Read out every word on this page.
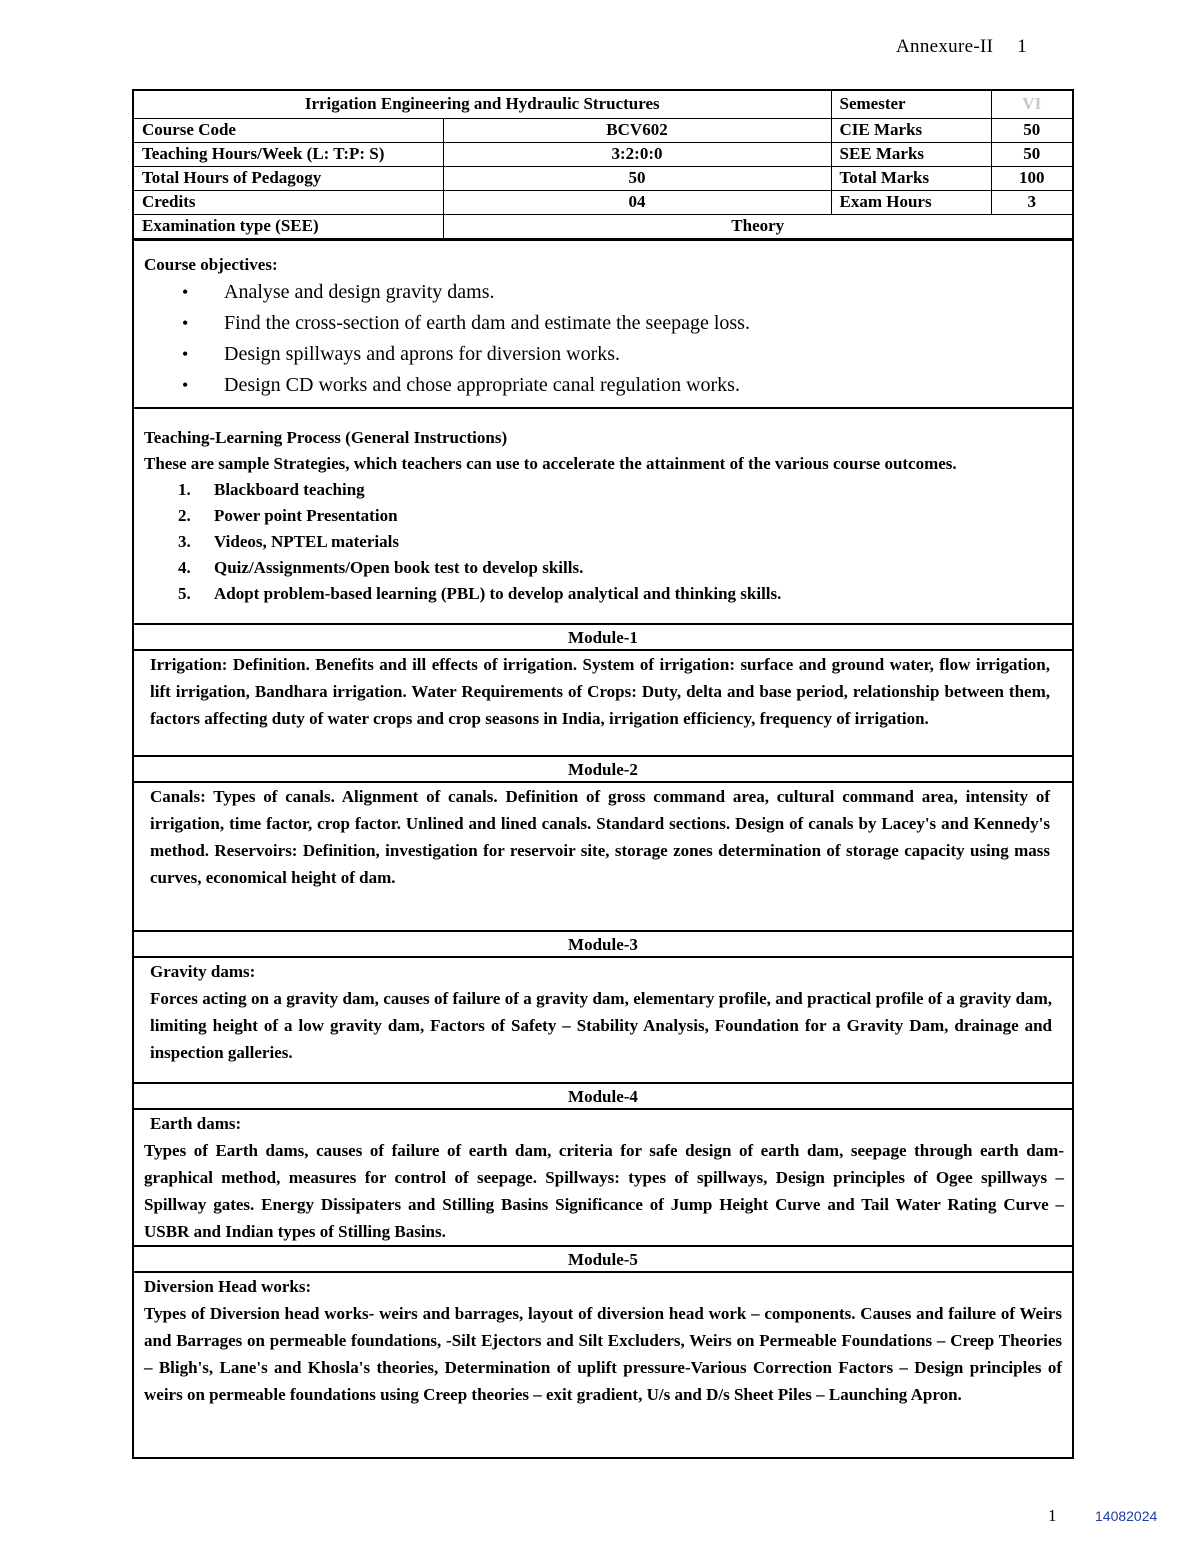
Annexure-II 1
Irrigation Engineering and Hydraulic Structures		Semester	VI
Course Code	BCV602	CIE Marks	50
Teaching Hours/Week (L: T:P: S)	3:2:0:0	SEE Marks	50
Total Hours of Pedagogy	50	Total Marks	100
Credits	04	Exam Hours	3
Examination type (SEE)	Theory		
Course objectives:
• Analyse and design gravity dams.
• Find the cross-section of earth dam and estimate the seepage loss.
• Design spillways and aprons for diversion works.
• Design CD works and chose appropriate canal regulation works.
Teaching-Learning Process (General Instructions)
These are sample Strategies, which teachers can use to accelerate the attainment of the various course outcomes.
1. Blackboard teaching
2. Power point Presentation
3. Videos, NPTEL materials
4. Quiz/Assignments/Open book test to develop skills.
5. Adopt problem-based learning (PBL) to develop analytical and thinking skills.
Module-1
Irrigation: Definition. Benefits and ill effects of irrigation. System of irrigation: surface and ground water, flow irrigation, lift irrigation, Bandhara irrigation. Water Requirements of Crops: Duty, delta and base period, relationship between them, factors affecting duty of water crops and crop seasons in India, irrigation efficiency, frequency of irrigation.
Module-2
Canals: Types of canals. Alignment of canals. Definition of gross command area, cultural command area, intensity of irrigation, time factor, crop factor. Unlined and lined canals. Standard sections. Design of canals by Lacey's and Kennedy's method. Reservoirs: Definition, investigation for reservoir site, storage zones determination of storage capacity using mass curves, economical height of dam.
Module-3
Gravity dams:
Forces acting on a gravity dam, causes of failure of a gravity dam, elementary profile, and practical profile of a gravity dam, limiting height of a low gravity dam, Factors of Safety – Stability Analysis, Foundation for a Gravity Dam, drainage and inspection galleries.
Module-4
Earth dams:
Types of Earth dams, causes of failure of earth dam, criteria for safe design of earth dam, seepage through earth dam-graphical method, measures for control of seepage. Spillways: types of spillways, Design principles of Ogee spillways – Spillway gates. Energy Dissipaters and Stilling Basins Significance of Jump Height Curve and Tail Water Rating Curve – USBR and Indian types of Stilling Basins.
Module-5
Diversion Head works:
Types of Diversion head works- weirs and barrages, layout of diversion head work – components. Causes and failure of Weirs and Barrages on permeable foundations, -Silt Ejectors and Silt Excluders, Weirs on Permeable Foundations – Creep Theories – Bligh's, Lane's and Khosla's theories, Determination of uplift pressure-Various Correction Factors – Design principles of weirs on permeable foundations using Creep theories – exit gradient, U/s and D/s Sheet Piles – Launching Apron.
1	14082024
